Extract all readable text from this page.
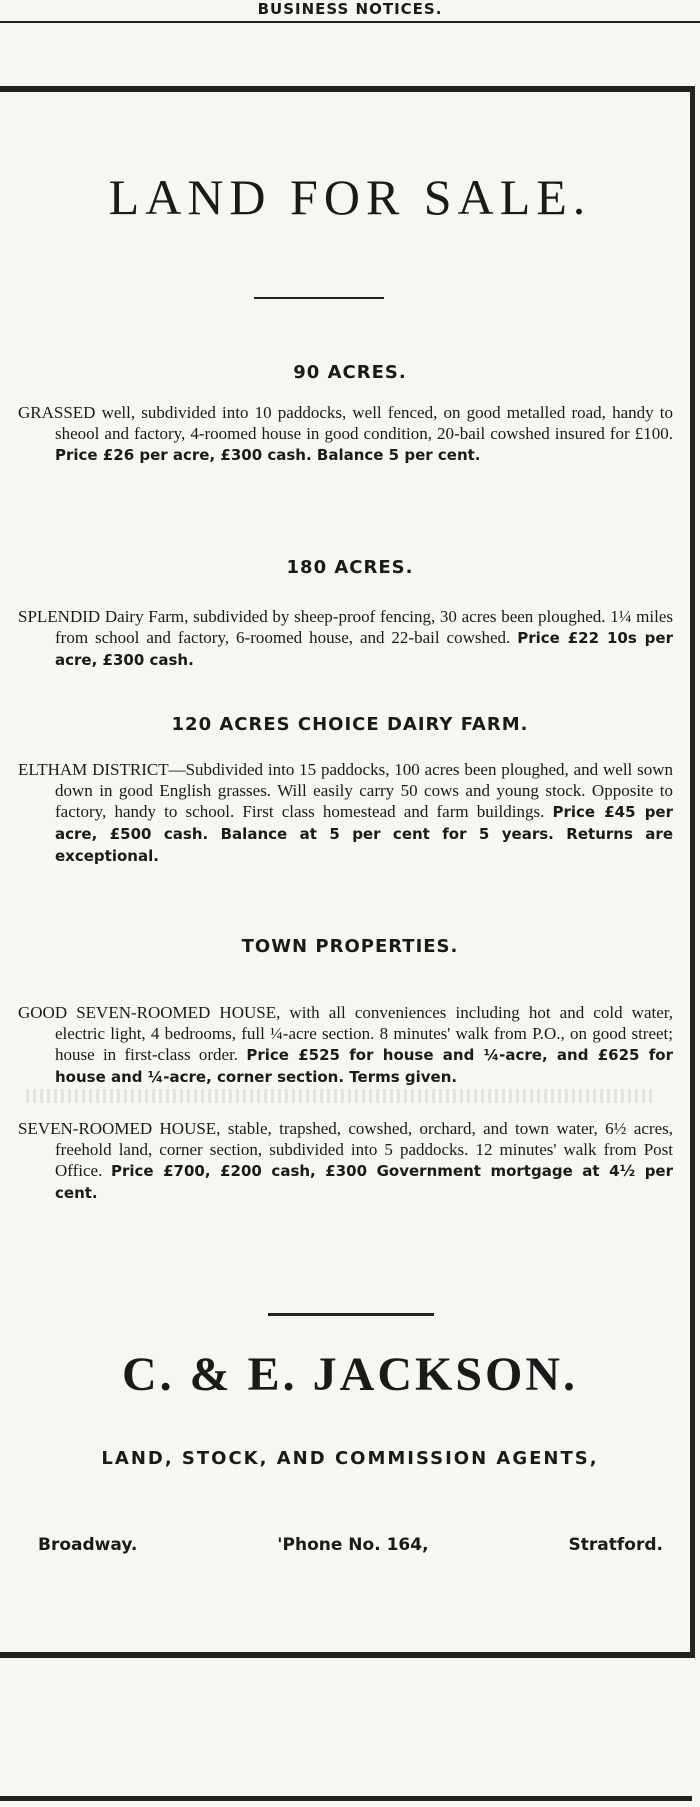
BUSINESS NOTICES.
LAND FOR SALE.
90 ACRES.
GRASSED well, subdivided into 10 paddocks, well fenced, on good metalled road, handy to sheool and factory, 4-roomed house in good condition, 20-bail cowshed insured for £100. Price £26 per acre, £300 cash. Balance 5 per cent.
180 ACRES.
SPLENDID Dairy Farm, subdivided by sheep-proof fencing, 30 acres been ploughed. 1¼ miles from school and factory, 6-roomed house, and 22-bail cowshed. Price £22 10s per acre, £300 cash.
120 ACRES CHOICE DAIRY FARM.
ELTHAM DISTRICT—Subdivided into 15 paddocks, 100 acres been ploughed, and well sown down in good English grasses. Will easily carry 50 cows and young stock. Opposite to factory, handy to school. First class homestead and farm buildings. Price £45 per acre, £500 cash. Balance at 5 per cent for 5 years. Returns are exceptional.
TOWN PROPERTIES.
GOOD SEVEN-ROOMED HOUSE, with all conveniences including hot and cold water, electric light, 4 bedrooms, full ¼-acre section. 8 minutes' walk from P.O., on good street; house in first-class order. Price £525 for house and ¼-acre, and £625 for house and ¼-acre, corner section. Terms given.
SEVEN-ROOMED HOUSE, stable, trapshed, cowshed, orchard, and town water, 6½ acres, freehold land, corner section, subdivided into 5 paddocks. 12 minutes' walk from Post Office. Price £700, £200 cash, £300 Government mortgage at 4½ per cent.
C. & E. JACKSON.
LAND, STOCK, AND COMMISSION AGENTS,
Broadway.	'Phone No. 164,	Stratford.
